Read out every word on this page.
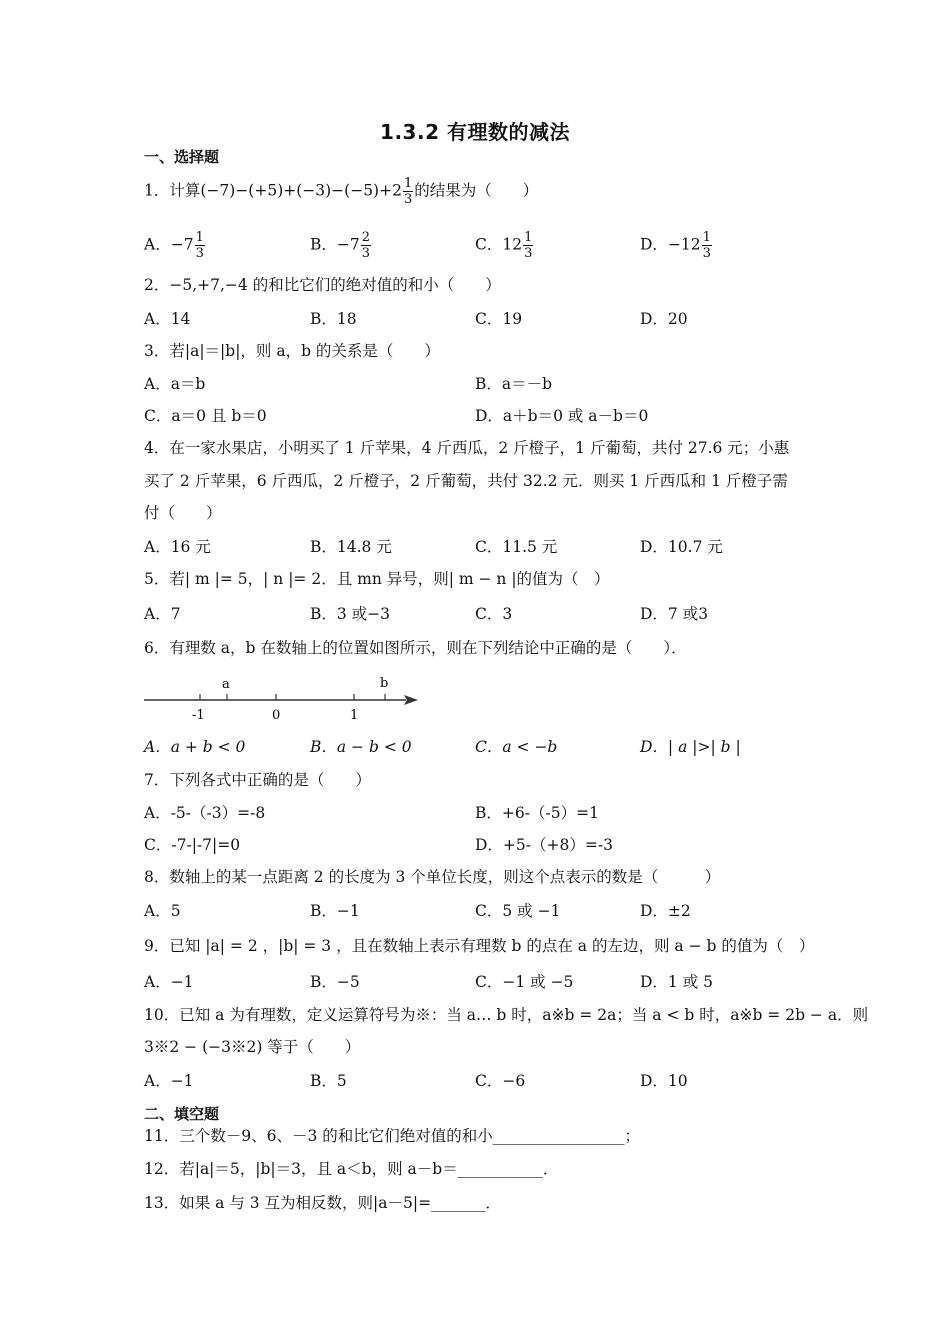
1.3.2 有理数的减法
一、选择题
1．计算$(-7)-(+5)+(-3)-(-5)+2 \frac{1}{3}$ 的结果为（　　）
A．$-7 \frac{1}{3}$	B．$-7 \frac{2}{3}$	C．$12 \frac{1}{3}$	D．$-12 \frac{1}{3}$
2．−5,+7,−4 的和比它们的绝对值的和小（　　）
A．14	B．18	C．19	D．20
3．若|a|＝|b|，则 a，b 的关系是（　　）
A．a＝b	B．a＝－b
C．a＝0 且 b＝0	D．a＋b＝0 或 a－b＝0
4．在一家水果店，小明买了 1 斤苹果，4 斤西瓜，2 斤橙子，1 斤葡萄，共付 27.6 元；小惠
买了 2 斤苹果，6 斤西瓜，2 斤橙子，2 斤葡萄，共付 32.2 元．则买 1 斤西瓜和 1 斤橙子需
付（　　）
A．16 元	B．14.8 元	C．11.5 元	D．10.7 元
5．若| m |= 5，| n |= 2．且 mn 异号，则| m − n |的值为（　）
A．7	B．3 或−3	C．3	D．7 或3
6．有理数 a，b 在数轴上的位置如图所示，则在下列结论中正确的是（　　）．
a	b
-1	0	1
A．a + b < 0	B．a − b < 0	C．a < −b	D．| a |>| b |
7．下列各式中正确的是（　　）
A．-5-（-3）=-8	B．+6-（-5）=1
C．-7-|-7|=0	D．+5-（+8）=-3
8．数轴上的某一点距离 2 的长度为 3 个单位长度，则这个点表示的数是（　　　）
A．5	B．−1	C．5 或 −1	D．±2
9．已知 |a| = 2 ，|b| = 3 ，且在数轴上表示有理数 b 的点在 a 的左边，则 a − b 的值为（　）
A．−1	B．−5	C．−1 或 −5	D．1 或 5
10．已知 a 为有理数，定义运算符号为※：当 a… b 时，a※b = 2a；当 a < b 时，a※b = 2b − a．则
3※2 − (−3※2) 等于（　　）
A．−1	B．5	C．−6	D．10
二、填空题
11．三个数－9、6、－3 的和比它们绝对值的和小_________________；
12．若|a|＝5，|b|＝3，且 a＜b，则 a－b＝___________．
13．如果 a 与 3 互为相反数，则|a－5|=_______．
